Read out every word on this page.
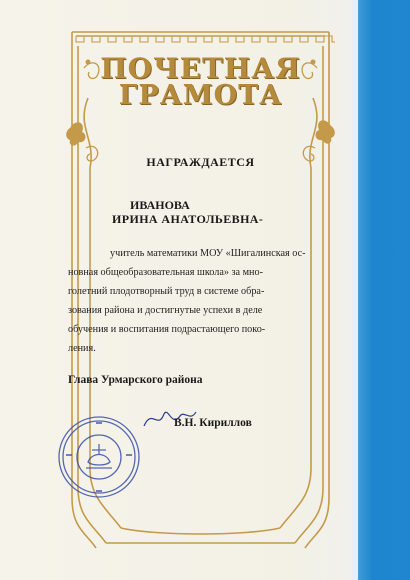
ПОЧЕТНАЯ
ГРАМОТА
НАГРАЖДАЕТСЯ
ИВАНОВА
ИРИНА АНАТОЛЬЕВНА-
учитель математики МОУ «Шигалинская ос-
новная общеобразовательная школа» за мно-
голетний плодотворный труд в системе обра-
зования района и достигнутые успехи в деле
обучения и воспитания подрастающего поко-
ления.
Глава Урмарского района
В.Н. Кириллов
